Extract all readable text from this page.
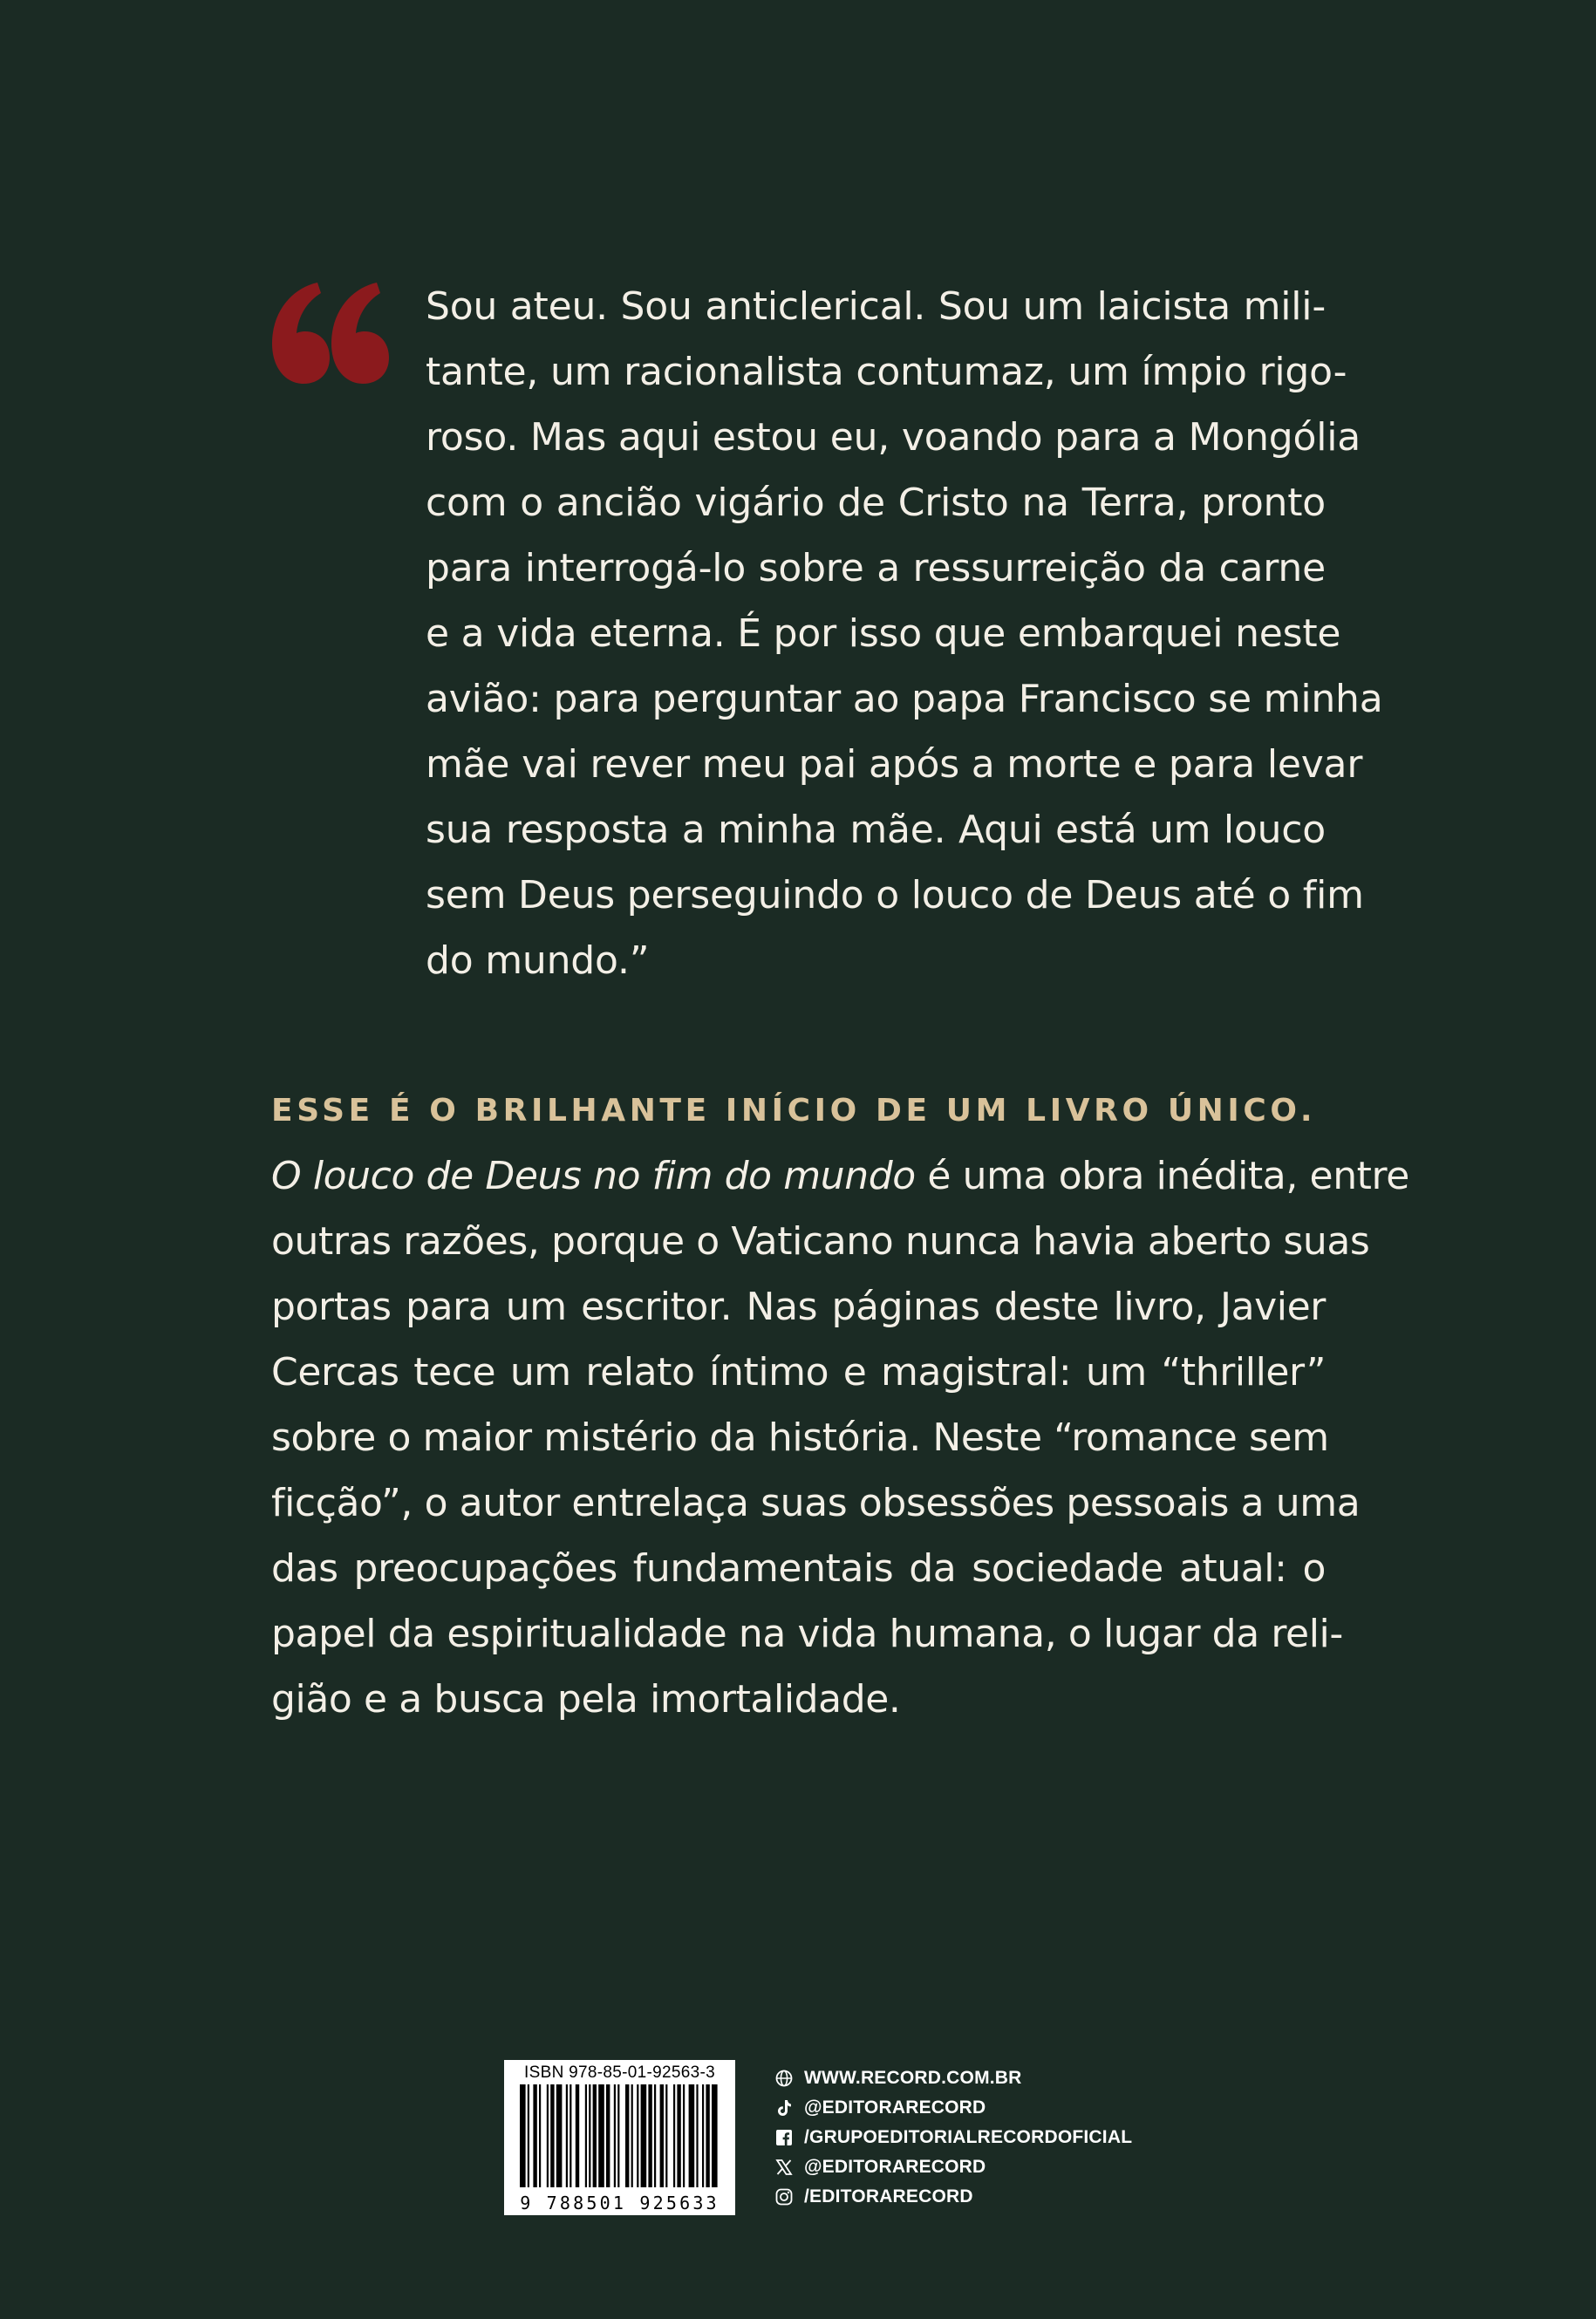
Sou ateu. Sou anticlerical. Sou um laicista mili-
tante, um racionalista contumaz, um ímpio rigo-
roso. Mas aqui estou eu, voando para a Mongólia
com o ancião vigário de Cristo na Terra, pronto
para interrogá-lo sobre a ressurreição da carne
e a vida eterna. É por isso que embarquei neste
avião: para perguntar ao papa Francisco se minha
mãe vai rever meu pai após a morte e para levar
sua resposta a minha mãe. Aqui está um louco
sem Deus perseguindo o louco de Deus até o fim
do mundo.”
ESSE É O BRILHANTE INÍCIO DE UM LIVRO ÚNICO.
O louco de Deus no fim do mundo é uma obra inédita, entre
outras razões, porque o Vaticano nunca havia aberto suas
portas para um escritor. Nas páginas deste livro, Javier
Cercas tece um relato íntimo e magistral: um “thriller”
sobre o maior mistério da história. Neste “romance sem
ficção”, o autor entrelaça suas obsessões pessoais a uma
das preocupações fundamentais da sociedade atual: o
papel da espiritualidade na vida humana, o lugar da reli-
gião e a busca pela imortalidade.
ISBN 978-85-01-92563-3
9 788501 925633
WWW.RECORD.COM.BR
@EDITORARECORD
/GRUPOEDITORIALRECORDOFICIAL
@EDITORARECORD
/EDITORARECORD
